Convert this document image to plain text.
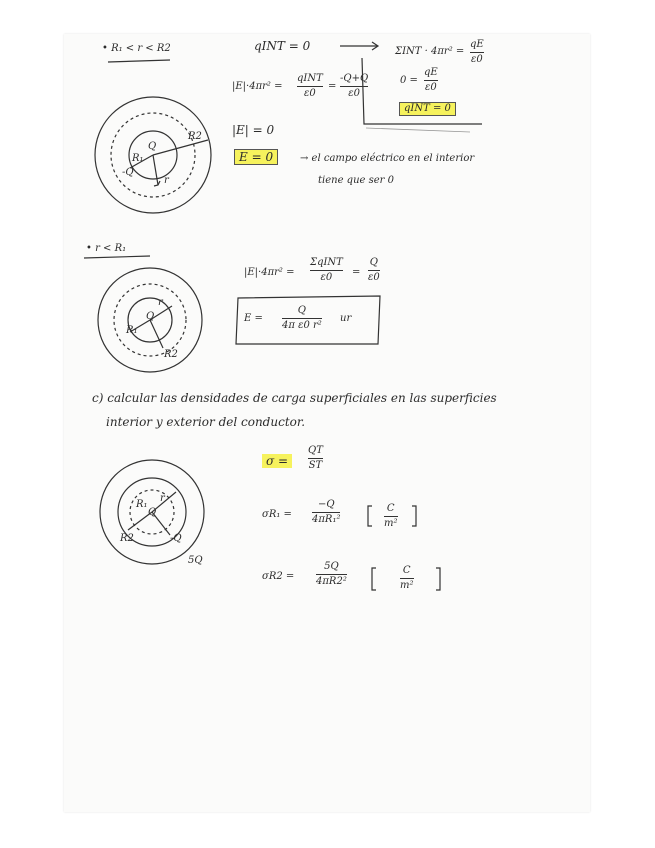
• R₁ < r < R2	qINT = 0
|E|·4πr² =
qINT
ε0
=
-Q+Q
ε0
|E| = 0
E = 0	→ el campo eléctrico en el interior
tiene que ser 0
ΣINT · 4πr² =
qE
ε0
0 =
qE
ε0
qINT = 0
R2
R₁
Q
-Q
r
• r < R₁
|E|·4πr² =
ΣqINT
ε0 =
Q
ε0
E =
Q
4π ε0 r²
ur
r
Q
R₁
R2
c) calcular las densidades de carga superficiales en las superficies
interior y exterior del conductor.
σ =
QT
ST
σR₁ =
−Q
4πR₁²
C
m²
σR2 =
5Q
4πR2²
C
m²
R₁
r
Q
R2	-Q
5Q
